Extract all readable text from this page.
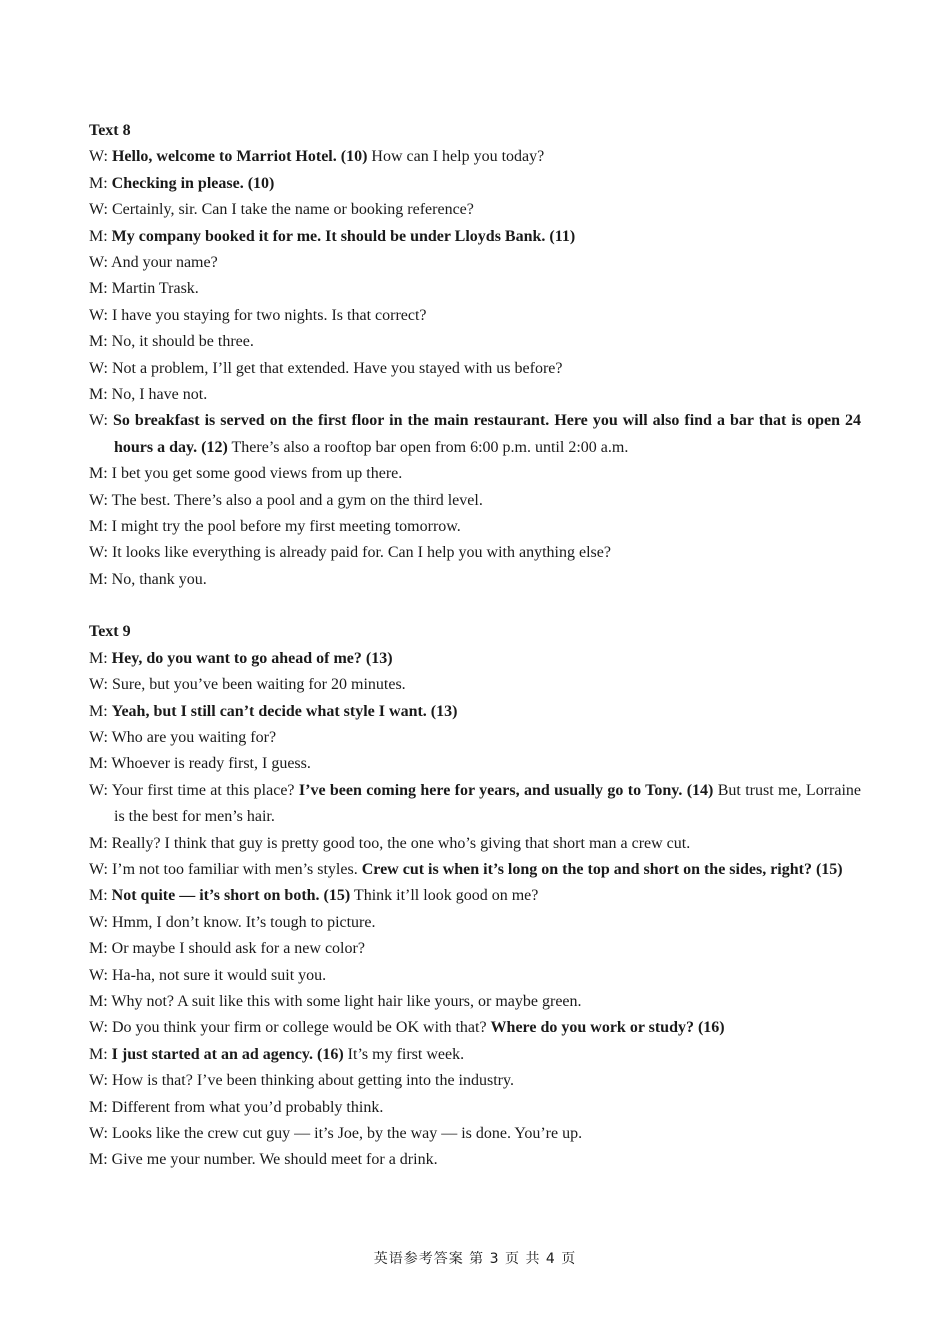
Text 8
W: Hello, welcome to Marriot Hotel. (10) How can I help you today?
M: Checking in please. (10)
W: Certainly, sir. Can I take the name or booking reference?
M: My company booked it for me. It should be under Lloyds Bank. (11)
W: And your name?
M: Martin Trask.
W: I have you staying for two nights. Is that correct?
M: No, it should be three.
W: Not a problem, I’ll get that extended. Have you stayed with us before?
M: No, I have not.
W: So breakfast is served on the first floor in the main restaurant. Here you will also find a bar that is open 24 hours a day. (12) There’s also a rooftop bar open from 6:00 p.m. until 2:00 a.m.
M: I bet you get some good views from up there.
W: The best. There’s also a pool and a gym on the third level.
M: I might try the pool before my first meeting tomorrow.
W: It looks like everything is already paid for. Can I help you with anything else?
M: No, thank you.
Text 9
M: Hey, do you want to go ahead of me? (13)
W: Sure, but you’ve been waiting for 20 minutes.
M: Yeah, but I still can’t decide what style I want. (13)
W: Who are you waiting for?
M: Whoever is ready first, I guess.
W: Your first time at this place? I’ve been coming here for years, and usually go to Tony. (14) But trust me, Lorraine is the best for men’s hair.
M: Really? I think that guy is pretty good too, the one who’s giving that short man a crew cut.
W: I’m not too familiar with men’s styles. Crew cut is when it’s long on the top and short on the sides, right? (15)
M: Not quite — it’s short on both. (15) Think it’ll look good on me?
W: Hmm, I don’t know. It’s tough to picture.
M: Or maybe I should ask for a new color?
W: Ha-ha, not sure it would suit you.
M: Why not? A suit like this with some light hair like yours, or maybe green.
W: Do you think your firm or college would be OK with that? Where do you work or study? (16)
M: I just started at an ad agency. (16) It’s my first week.
W: How is that? I’ve been thinking about getting into the industry.
M: Different from what you’d probably think.
W: Looks like the crew cut guy — it’s Joe, by the way — is done. You’re up.
M: Give me your number. We should meet for a drink.
英语参考答案 第 3 页 共 4 页
